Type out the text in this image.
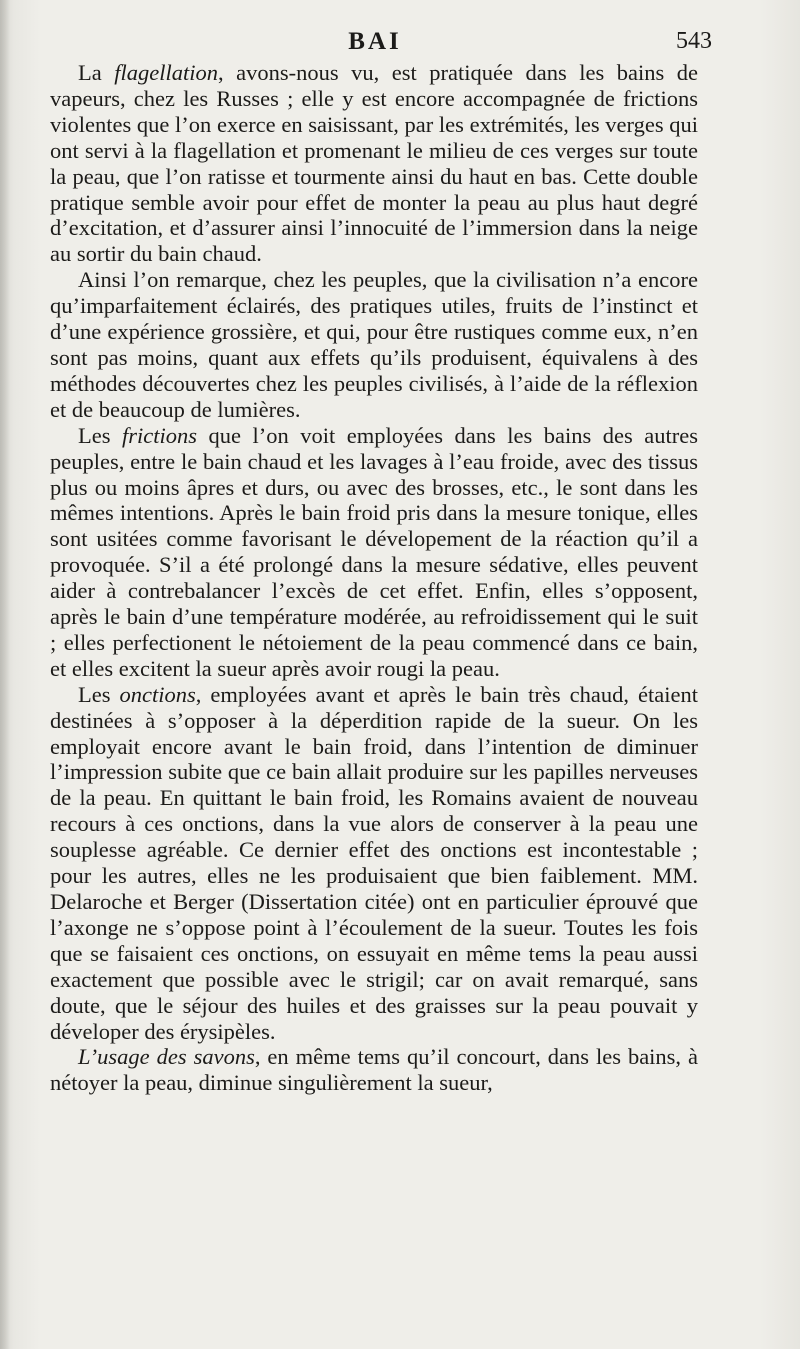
BAI	543

La flagellation, avons-nous vu, est pratiquée dans les bains de vapeurs, chez les Russes ; elle y est encore accompagnée de frictions violentes que l’on exerce en saisissant, par les extrémités, les verges qui ont servi à la flagellation et promenant le milieu de ces verges sur toute la peau, que l’on ratisse et tourmente ainsi du haut en bas. Cette double pratique semble avoir pour effet de monter la peau au plus haut degré d’excitation, et d’assurer ainsi l’innocuité de l’immersion dans la neige au sortir du bain chaud.

Ainsi l’on remarque, chez les peuples, que la civilisation n’a encore qu’imparfaitement éclairés, des pratiques utiles, fruits de l’instinct et d’une expérience grossière, et qui, pour être rustiques comme eux, n’en sont pas moins, quant aux effets qu’ils produisent, équivalens à des méthodes découvertes chez les peuples civilisés, à l’aide de la réflexion et de beaucoup de lumières.

Les frictions que l’on voit employées dans les bains des autres peuples, entre le bain chaud et les lavages à l’eau froide, avec des tissus plus ou moins âpres et durs, ou avec des brosses, etc., le sont dans les mêmes intentions. Après le bain froid pris dans la mesure tonique, elles sont usitées comme favorisant le dévelopement de la réaction qu’il a provoquée. S’il a été prolongé dans la mesure sédative, elles peuvent aider à contrebalancer l’excès de cet effet. Enfin, elles s’opposent, après le bain d’une température modérée, au refroidissement qui le suit ; elles perfectionent le nétoiement de la peau commencé dans ce bain, et elles excitent la sueur après avoir rougi la peau.

Les onctions, employées avant et après le bain très chaud, étaient destinées à s’opposer à la déperdition rapide de la sueur. On les employait encore avant le bain froid, dans l’intention de diminuer l’impression subite que ce bain allait produire sur les papilles nerveuses de la peau. En quittant le bain froid, les Romains avaient de nouveau recours à ces onctions, dans la vue alors de conserver à la peau une souplesse agréable. Ce dernier effet des onctions est incontestable ; pour les autres, elles ne les produisaient que bien faiblement. MM. Delaroche et Berger (Dissertation citée) ont en particulier éprouvé que l’axonge ne s’oppose point à l’écoulement de la sueur. Toutes les fois que se faisaient ces onctions, on essuyait en même tems la peau aussi exactement que possible avec le strigil; car on avait remarqué, sans doute, que le séjour des huiles et des graisses sur la peau pouvait y déveloper des érysipèles.

L’usage des savons, en même tems qu’il concourt, dans les bains, à nétoyer la peau, diminue singulièrement la sueur,
